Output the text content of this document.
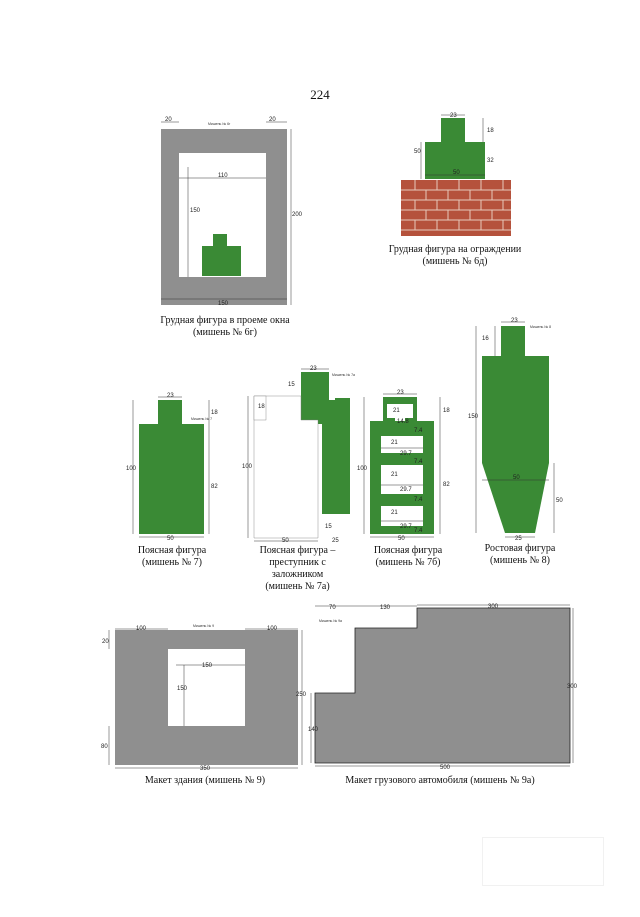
224
20	20
110
150
200
150
Мишень № 6г
Грудная фигура в проеме окна
(мишень № 6г)
23
18
50
32
50
Грудная фигура на ограждении
(мишень № 6д)
23
18
100
82
50
Мишень № 7
Поясная фигура
(мишень № 7)
23
15
18
100
50	25
15
Мишень № 7а
Поясная фигура –
преступник с
заложником
(мишень № 7а)
23
18
100
82
50
21
14.8
21
29.7
21
29.7
21
29.7
7.4
7.4
7.4
7.4
Поясная фигура
(мишень № 7б)
23
16
150
50
50
25
Мишень № 8
Ростовая фигура
(мишень № 8)
100	100
20
150
150
80
250
350
Мишень № 9
Макет здания (мишень № 9)
70	130	300
300
140
500
Мишень № 9а
Макет грузового автомобиля (мишень № 9а)
